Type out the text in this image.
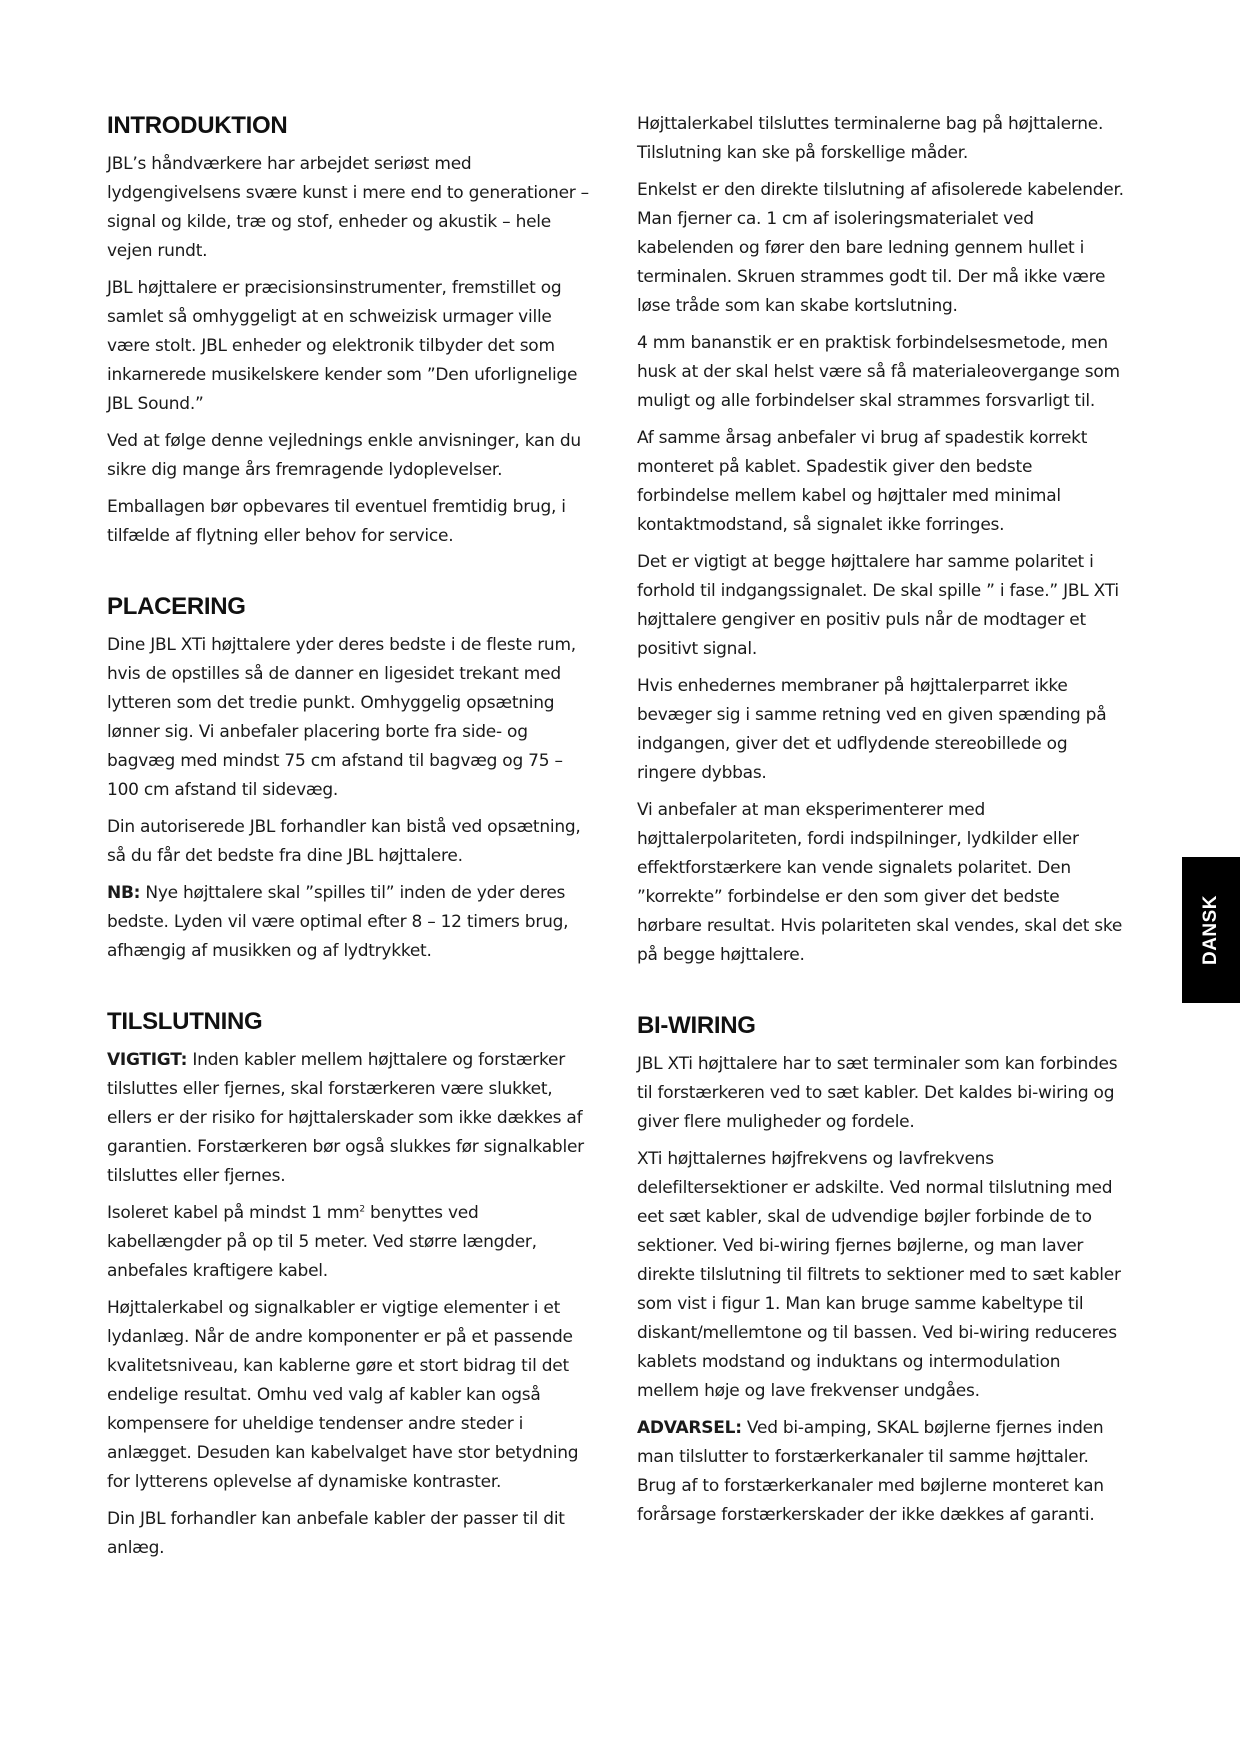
INTRODUKTION

JBL’s håndværkere har arbejdet seriøst med lydgengivelsens svære kunst i mere end to generationer – signal og kilde, træ og stof, enheder og akustik – hele vejen rundt.

JBL højttalere er præcisionsinstrumenter, fremstillet og samlet så omhyggeligt at en schweizisk urmager ville være stolt. JBL enheder og elektronik tilbyder det som inkarnerede musikelskere kender som ”Den uforlignelige JBL Sound.”

Ved at følge denne vejlednings enkle anvisninger, kan du sikre dig mange års fremragende lydoplevelser.

Emballagen bør opbevares til eventuel fremtidig brug, i tilfælde af flytning eller behov for service.

PLACERING

Dine JBL XTi højttalere yder deres bedste i de fleste rum, hvis de opstilles så de danner en ligesidet trekant med lytteren som det tredie punkt. Omhyggelig opsætning lønner sig. Vi anbefaler placering borte fra side- og bagvæg med mindst 75 cm afstand til bagvæg og 75 – 100 cm afstand til sidevæg.

Din autoriserede JBL forhandler kan bistå ved opsætning, så du får det bedste fra dine JBL højttalere.

NB: Nye højttalere skal ”spilles til” inden de yder deres bedste. Lyden vil være optimal efter 8 – 12 timers brug, afhængig af musikken og af lydtrykket.

TILSLUTNING

VIGTIGT: Inden kabler mellem højttalere og forstærker tilsluttes eller fjernes, skal forstærkeren være slukket, ellers er der risiko for højttalerskader som ikke dækkes af garantien. Forstærkeren bør også slukkes før signalkabler tilsluttes eller fjernes.

Isoleret kabel på mindst 1 $mm^2$ benyttes ved kabellængder på op til 5 meter. Ved større længder, anbefales kraftigere kabel.

Højttalerkabel og signalkabler er vigtige elementer i et lydanlæg. Når de andre komponenter er på et passende kvalitetsniveau, kan kablerne gøre et stort bidrag til det endelige resultat. Omhu ved valg af kabler kan også kompensere for uheldige tendenser andre steder i anlægget. Desuden kan kabelvalget have stor betydning for lytterens oplevelse af dynamiske kontraster.

Din JBL forhandler kan anbefale kabler der passer til dit anlæg.

Højttalerkabel tilsluttes terminalerne bag på højttalerne. Tilslutning kan ske på forskellige måder.

Enkelst er den direkte tilslutning af afisolerede kabelender. Man fjerner ca. 1 cm af isoleringsmaterialet ved kabelenden og fører den bare ledning gennem hullet i terminalen. Skruen strammes godt til. Der må ikke være løse tråde som kan skabe kortslutning.

4 mm bananstik er en praktisk forbindelsesmetode, men husk at der skal helst være så få materialeovergange som muligt og alle forbindelser skal strammes forsvarligt til.

Af samme årsag anbefaler vi brug af spadestik korrekt monteret på kablet. Spadestik giver den bedste forbindelse mellem kabel og højttaler med minimal kontaktmodstand, så signalet ikke forringes.

Det er vigtigt at begge højttalere har samme polaritet i forhold til indgangssignalet. De skal spille ” i fase.” JBL XTi højttalere gengiver en positiv puls når de modtager et positivt signal.

Hvis enhedernes membraner på højttalerparret ikke bevæger sig i samme retning ved en given spænding på indgangen, giver det et udflydende stereobillede og ringere dybbas.

Vi anbefaler at man eksperimenterer med højttalerpolariteten, fordi indspilninger, lydkilder eller effektforstærkere kan vende signalets polaritet. Den ”korrekte” forbindelse er den som giver det bedste hørbare resultat. Hvis polariteten skal vendes, skal det ske på begge højttalere.

BI-WIRING

JBL XTi højttalere har to sæt terminaler som kan forbindes til forstærkeren ved to sæt kabler. Det kaldes bi-wiring og giver flere muligheder og fordele.

XTi højttalernes højfrekvens og lavfrekvens delefiltersektioner er adskilte. Ved normal tilslutning med eet sæt kabler, skal de udvendige bøjler forbinde de to sektioner. Ved bi-wiring fjernes bøjlerne, og man laver direkte tilslutning til filtrets to sektioner med to sæt kabler som vist i figur 1. Man kan bruge samme kabeltype til diskant/mellemtone og til bassen. Ved bi-wiring reduceres kablets modstand og induktans og intermodulation mellem høje og lave frekvenser undgåes.

ADVARSEL: Ved bi-amping, SKAL bøjlerne fjernes inden man tilslutter to forstærkerkanaler til samme højttaler. Brug af to forstærkerkanaler med bøjlerne monteret kan forårsage forstærkerskader der ikke dækkes af garanti.

DANSK
